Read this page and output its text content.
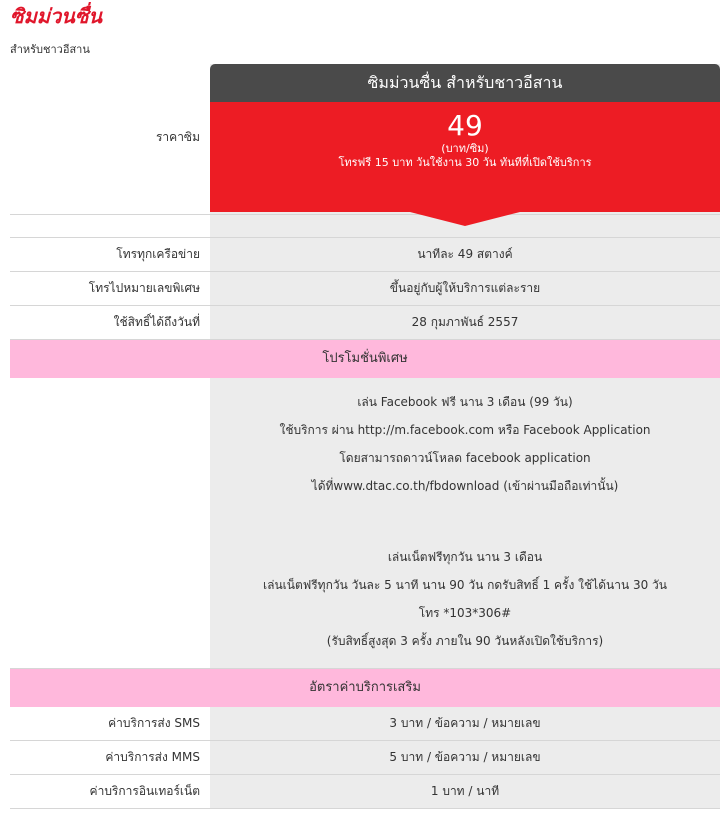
ซิมม่วนซื่น
สำหรับชาวอีสาน
ราคาซิม
ซิมม่วนซื่น สำหรับชาวอีสาน
49
(บาท/ซิม)
โทรฟรี 15 บาท วันใช้งาน 30 วัน ทันทีที่เปิดใช้บริการ
โทรทุกเครือข่าย	นาทีละ 49 สตางค์
โทรไปหมายเลขพิเศษ	ขึ้นอยู่กับผู้ให้บริการแต่ละราย
ใช้สิทธิ์ได้ถึงวันที่	28 กุมภาพันธ์ 2557
โปรโมชั่นพิเศษ
เล่น Facebook ฟรี นาน 3 เดือน (99 วัน)
ใช้บริการ ผ่าน http://m.facebook.com หรือ Facebook Application
โดยสามารถดาวน์โหลด facebook application
ได้ที่www.dtac.co.th/fbdownload (เข้าผ่านมือถือเท่านั้น)
เล่นเน็ตฟรีทุกวัน นาน 3 เดือน
เล่นเน็ตฟรีทุกวัน วันละ 5 นาที นาน 90 วัน กดรับสิทธิ์ 1 ครั้ง ใช้ได้นาน 30 วัน
โทร *103*306#
(รับสิทธิ์สูงสุด 3 ครั้ง ภายใน 90 วันหลังเปิดใช้บริการ)
อัตราค่าบริการเสริม
ค่าบริการส่ง SMS	3 บาท / ข้อความ / หมายเลข
ค่าบริการส่ง MMS	5 บาท / ข้อความ / หมายเลข
ค่าบริการอินเทอร์เน็ต	1 บาท / นาที
